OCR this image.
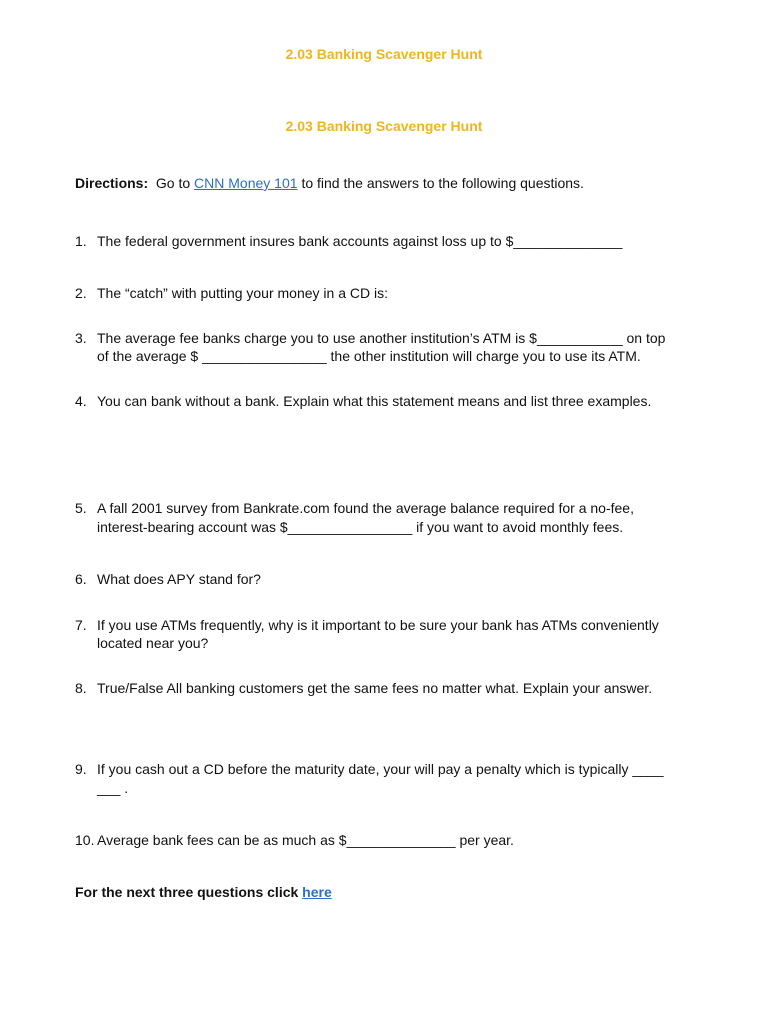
2.03 Banking Scavenger Hunt
2.03 Banking Scavenger Hunt
Directions: Go to CNN Money 101 to find the answers to the following questions.
1. The federal government insures bank accounts against loss up to $______________
2. The “catch” with putting your money in a CD is:
3. The average fee banks charge you to use another institution’s ATM is $___________ on top
of the average $ ________________ the other institution will charge you to use its ATM.
4. You can bank without a bank. Explain what this statement means and list three examples.
5. A fall 2001 survey from Bankrate.com found the average balance required for a no-fee,
interest-bearing account was $________________ if you want to avoid monthly fees.
6. What does APY stand for?
7. If you use ATMs frequently, why is it important to be sure your bank has ATMs conveniently
located near you?
8. True/False All banking customers get the same fees no matter what. Explain your answer.
9. If you cash out a CD before the maturity date, your will pay a penalty which is typically ____
___ .
10. Average bank fees can be as much as $______________ per year.
For the next three questions click here
